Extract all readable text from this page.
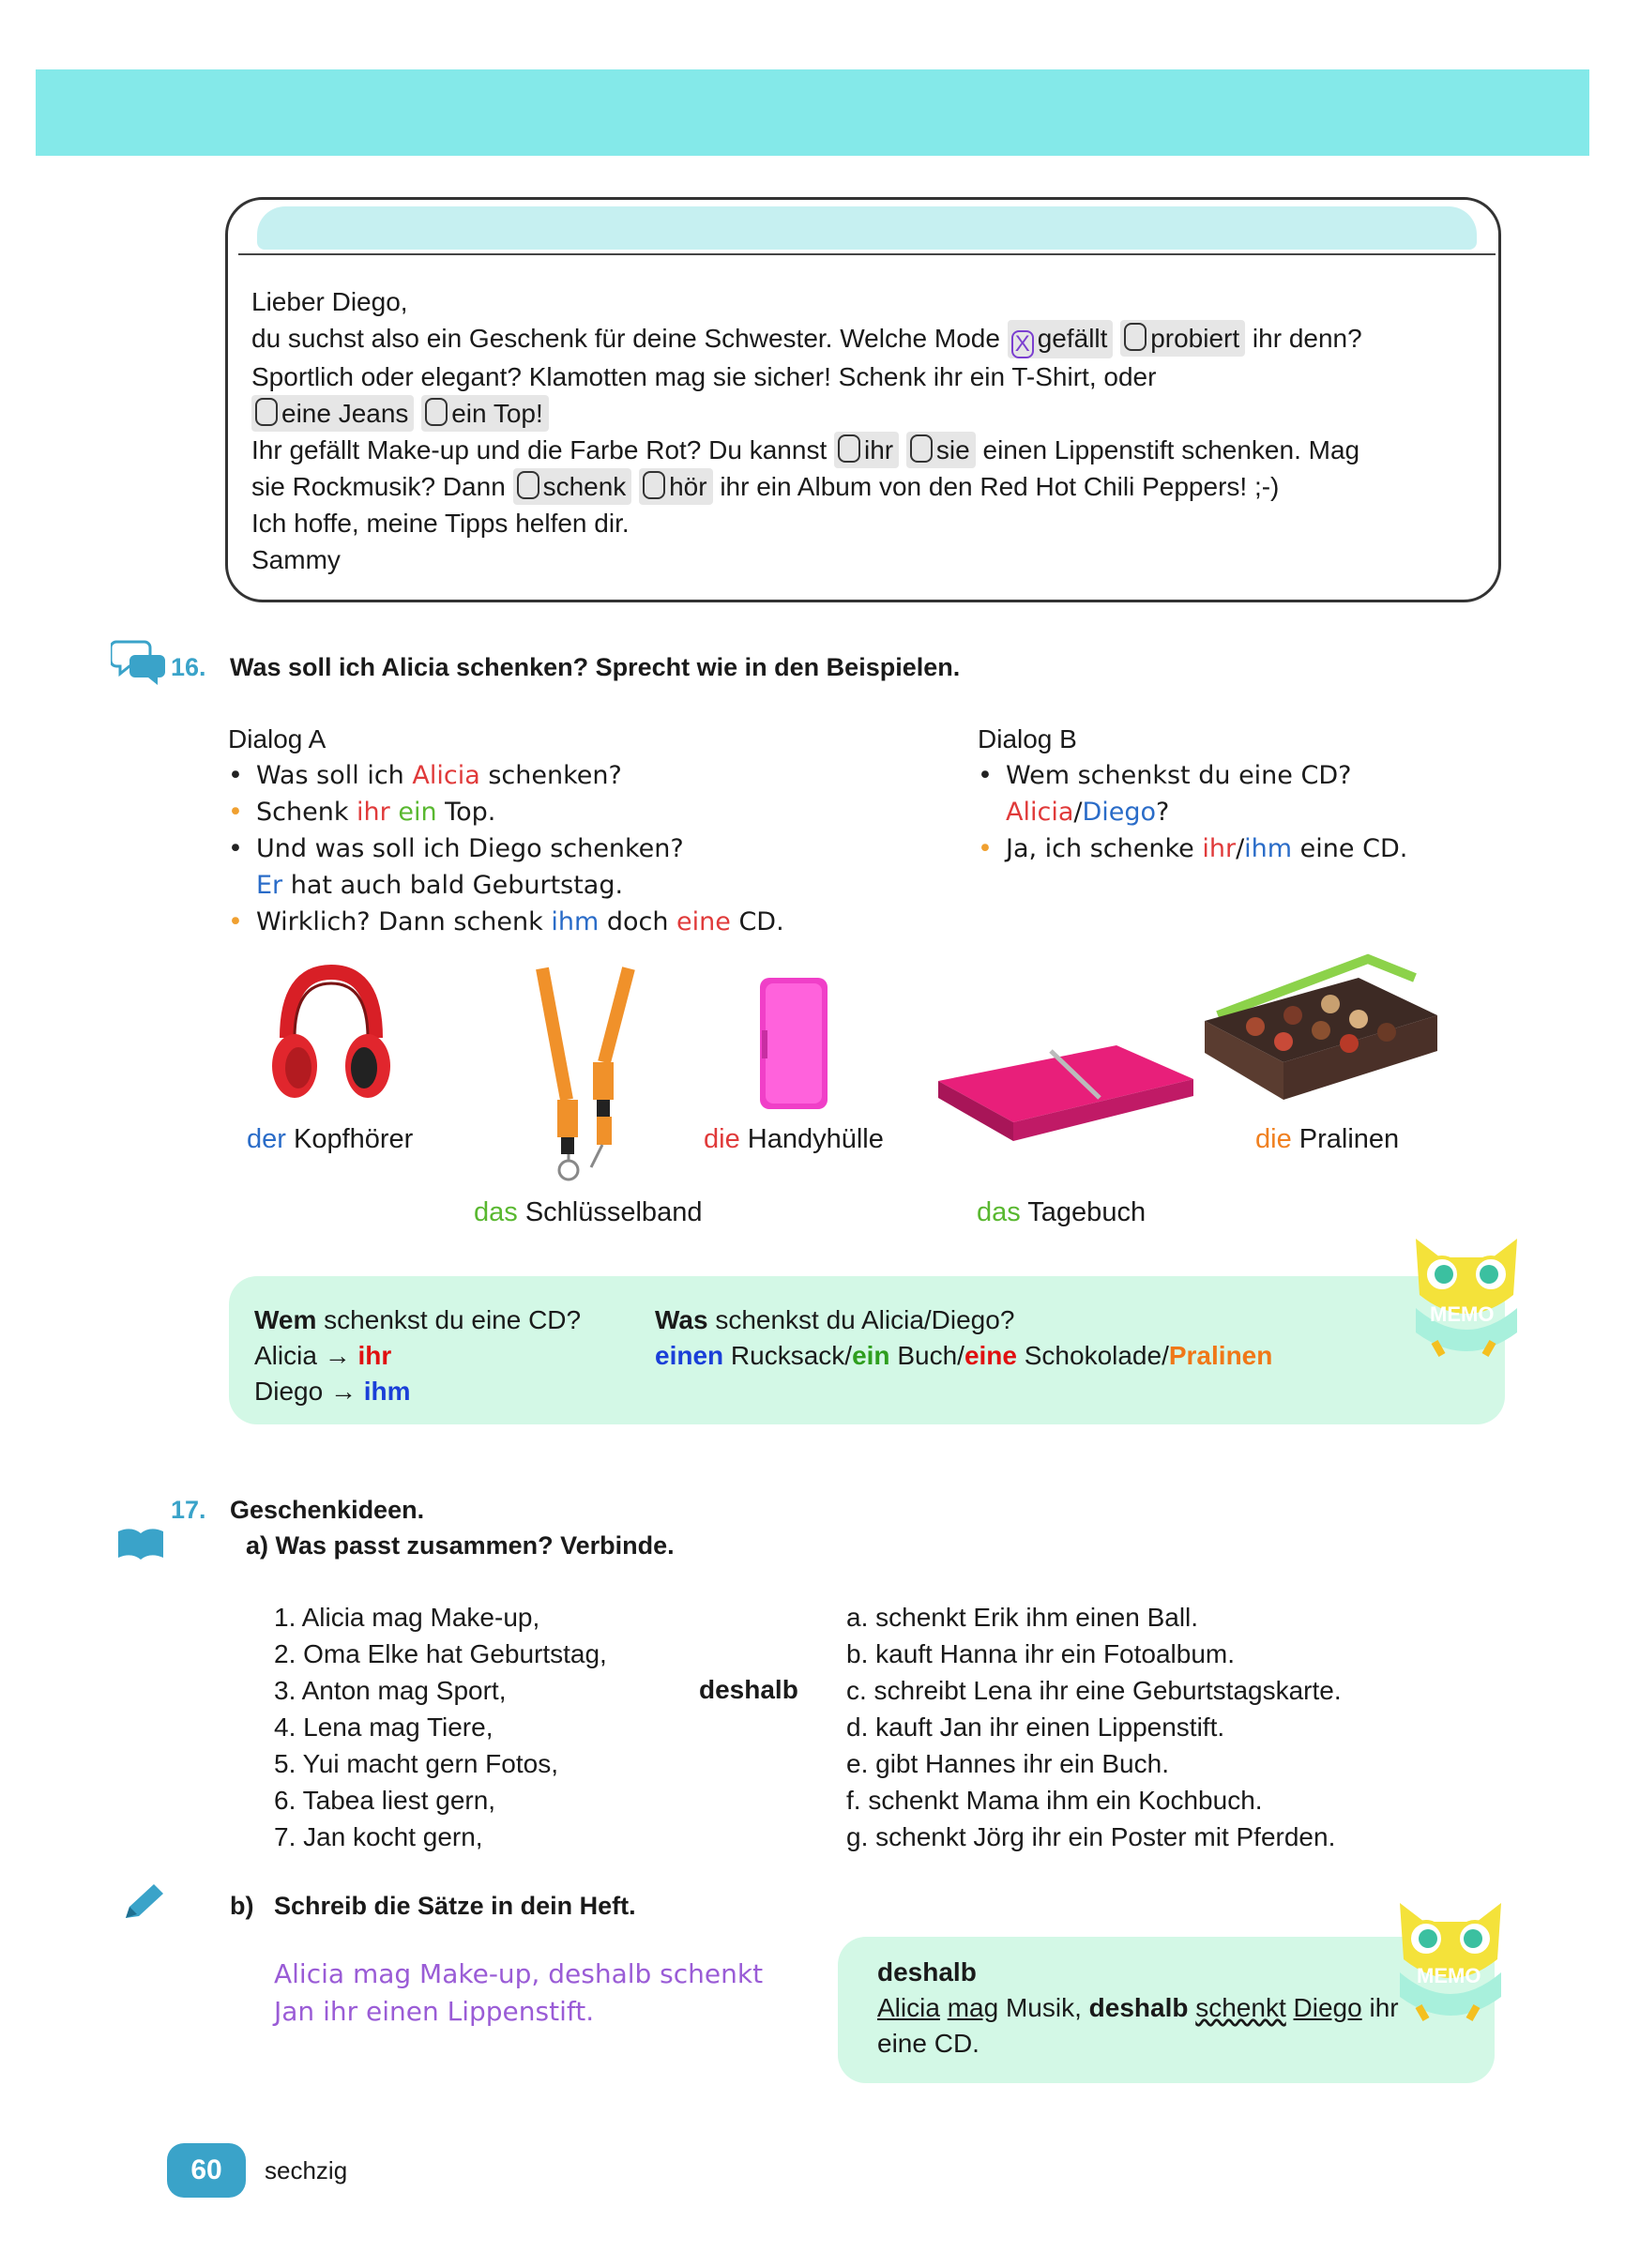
Lieber Diego,
du suchst also ein Geschenk für deine Schwester. Welche Mode X gefällt probiert ihr denn?
Sportlich oder elegant? Klamotten mag sie sicher! Schenk ihr ein T-Shirt, oder
eine Jeans ein Top!
Ihr gefällt Make-up und die Farbe Rot? Du kannst ihr sie einen Lippenstift schenken. Mag
sie Rockmusik? Dann schenk hör ihr ein Album von den Red Hot Chili Peppers! ;-)
Ich hoffe, meine Tipps helfen dir.
Sammy
16. Was soll ich Alicia schenken? Sprecht wie in den Beispielen.
Dialog A
• Was soll ich Alicia schenken?
• Schenk ihr ein Top.
• Und was soll ich Diego schenken?
Er hat auch bald Geburtstag.
• Wirklich? Dann schenk ihm doch eine CD.
Dialog B
• Wem schenkst du eine CD?
Alicia/Diego?
• Ja, ich schenke ihr/ihm eine CD.
der Kopfhörer
das Schlüsselband
die Handyhülle
das Tagebuch
die Pralinen
Wem schenkst du eine CD?
Alicia → ihr
Diego → ihm
Was schenkst du Alicia/Diego?
einen Rucksack/ein Buch/eine Schokolade/Pralinen
MEMO
17. Geschenkideen.
a) Was passt zusammen? Verbinde.
1. Alicia mag Make-up,
2. Oma Elke hat Geburtstag,
3. Anton mag Sport,
4. Lena mag Tiere,
5. Yui macht gern Fotos,
6. Tabea liest gern,
7. Jan kocht gern,
deshalb
a. schenkt Erik ihm einen Ball.
b. kauft Hanna ihr ein Fotoalbum.
c. schreibt Lena ihr eine Geburtstagskarte.
d. kauft Jan ihr einen Lippenstift.
e. gibt Hannes ihr ein Buch.
f. schenkt Mama ihm ein Kochbuch.
g. schenkt Jörg ihr ein Poster mit Pferden.
b) Schreib die Sätze in dein Heft.
Alicia mag Make-up, deshalb schenkt
Jan ihr einen Lippenstift.
deshalb
Alicia mag Musik, deshalb schenkt Diego ihr
eine CD.
MEMO
60	sechzig
